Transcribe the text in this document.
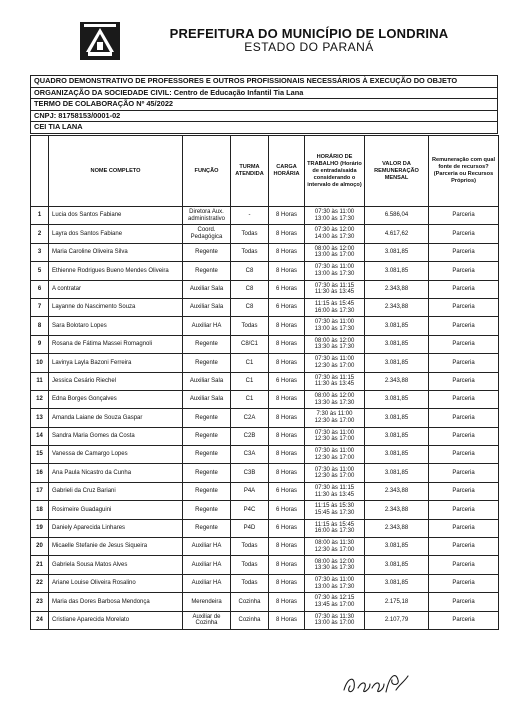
PREFEITURA DO MUNICÍPIO DE LONDRINA
ESTADO DO PARANÁ
QUADRO DEMONSTRATIVO DE PROFESSORES E OUTROS PROFISSIONAIS NECESSÁRIOS À EXECUÇÃO DO OBJETO
ORGANIZAÇÃO DA SOCIEDADE CIVIL: Centro de Educação Infantil Tia Lana
TERMO DE COLABORAÇÃO Nº 45/2022
CNPJ: 81758153/0001-02
CEI TIA LANA
	NOME COMPLETO	FUNÇÃO	TURMA ATENDIDA	CARGA HORÁRIA	HORÁRIO DE TRABALHO (Horário de entrada/saída considerando o intervalo de almoço)	VALOR DA REMUNERAÇÃO MENSAL	Remuneração com qual fonte de recursos? (Parceria ou Recursos Próprios)
1	Lucia dos Santos Fabiane	Diretora Aux. administrativo	-	8 Horas	07:30 às 11:00
13:00 às 17:30	6.586,04	Parceria
2	Layra dos Santos Fabiane	Coord. Pedagógica	Todas	8 Horas	07:30 às 12:00
14:00 às 17:30	4.617,62	Parceria
3	Maria Caroline Oliveira Silva	Regente	Todas	8 Horas	08:00 às 12:00
13:00 às 17:00	3.081,85	Parceria
5	Ethienne Rodrigues Bueno Mendes Oliveira	Regente	C8	8 Horas	07:30 às 11:00
13:00 às 17:30	3.081,85	Parceria
6	A contratar	Auxiliar Sala	C8	6 Horas	07:30 às 11:15
11:30 às 13:45	2.343,88	Parceria
7	Layanne do Nascimento Souza	Auxiliar Sala	C8	6 Horas	11:15 às 15:45
16:00 às 17:30	2.343,88	Parceria
8	Sara Bolotaro Lopes	Auxiliar HA	Todas	8 Horas	07:30 às 11:00
13:00 às 17:30	3.081,85	Parceria
9	Rosana de Fátima Massei Romagnoli	Regente	C8/C1	8 Horas	08:00 às 12:00
13:30 às 17:30	3.081,85	Parceria
10	Lavinya Layla Bazoni Ferreira	Regente	C1	8 Horas	07:30 às 11:00
12:30 às 17:00	3.081,85	Parceria
11	Jessica Cesário Riechel	Auxiliar Sala	C1	6 Horas	07:30 às 11:15
11:30 às 13:45	2.343,88	Parceria
12	Edna Borges Gonçalves	Auxiliar Sala	C1	8 Horas	08:00 às 12:00
13:30 às 17:30	3.081,85	Parceria
13	Amanda Laiane de Souza Gaspar	Regente	C2A	8 Horas	7:30 às 11:00
12:30 às 17:00	3.081,85	Parceria
14	Sandra Maria Gomes da Costa	Regente	C2B	8 Horas	07:30 às 11:00
12:30 às 17:00	3.081,85	Parceria
15	Vanessa de Camargo Lopes	Regente	C3A	8 Horas	07:30 às 11:00
12:30 às 17:00	3.081,85	Parceria
16	Ana Paula Nicastro da Cunha	Regente	C3B	8 Horas	07:30 às 11:00
12:30 às 17:00	3.081,85	Parceria
17	Gabrieli da Cruz Bariani	Regente	P4A	6 Horas	07:30 às 11:15
11:30 às 13:45	2.343,88	Parceria
18	Rosimeire Guadaguini	Regente	P4C	6 Horas	11:15 às 15:30
15:45 às 17:30	2.343,88	Parceria
19	Daniely Aparecida Linhares	Regente	P4D	6 Horas	11:15 às 15:45
16:00 às 17:30	2.343,88	Parceria
20	Micaelle Stefanie de Jesus Siqueira	Auxiliar HA	Todas	8 Horas	08:00 às 11:30
12:30 às 17:00	3.081,85	Parceria
21	Gabriela Sousa Matos Alves	Auxiliar HA	Todas	8 Horas	08:00 às 12:00
13:30 às 17:30	3.081,85	Parceria
22	Ariane Louise Oliveira Rosalino	Auxiliar HA	Todas	8 Horas	07:30 às 11:00
13:00 às 17:30	3.081,85	Parceria
23	Maria das Dores Barbosa Mendonça	Merendeira	Cozinha	8 Horas	07:30 às 12:15
13:45 às 17:00	2.175,18	Parceria
24	Cristiane Aparecida Morelato	Auxiliar de Cozinha	Cozinha	8 Horas	07:30 às 11:30
13:00 às 17:00	2.107,79	Parceria
